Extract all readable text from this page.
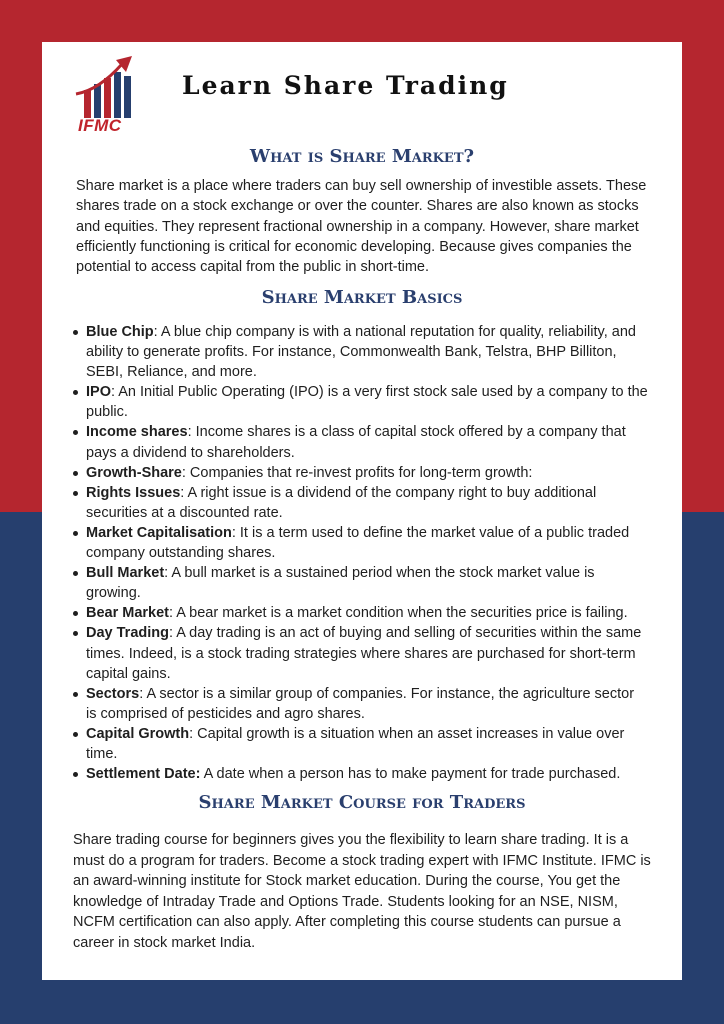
IFMC
Learn Share Trading
What is Share Market?
Share market is a place where traders can buy sell ownership of investible assets. These shares trade on a stock exchange or over the counter. Shares are also known as stocks and equities. They represent fractional ownership in a company. However, share market efficiently functioning is critical for economic developing. Because gives companies the potential to access capital from the public in short-time.
Share Market Basics
Blue Chip: A blue chip company is with a national reputation for quality, reliability, and ability to generate profits. For instance, Commonwealth Bank, Telstra, BHP Billiton, SEBI, Reliance, and more.
IPO: An Initial Public Operating (IPO) is a very first stock sale used by a company to the public.
Income shares: Income shares is a class of capital stock offered by a company that pays a dividend to shareholders.
Growth-Share: Companies that re-invest profits for long-term growth:
Rights Issues: A right issue is a dividend of the company right to buy additional securities at a discounted rate.
Market Capitalisation: It is a term used to define the market value of a public traded company outstanding shares.
Bull Market: A bull market is a sustained period when the stock market value is growing.
Bear Market: A bear market is a market condition when the securities price is failing.
Day Trading: A day trading is an act of buying and selling of securities within the same times. Indeed, is a stock trading strategies where shares are purchased for short-term capital gains.
Sectors: A sector is a similar group of companies. For instance, the agriculture sector is comprised of pesticides and agro shares.
Capital Growth: Capital growth is a situation when an asset increases in value over time.
Settlement Date: A date when a person has to make payment for trade purchased.
Share Market Course for Traders
Share trading course for beginners gives you the flexibility to learn share trading. It is a must do a program for traders. Become a stock trading expert with IFMC Institute. IFMC is an award-winning institute for Stock market education. During the course, You get the knowledge of Intraday Trade and Options Trade. Students looking for an NSE, NISM, NCFM certification can also apply. After completing this course students can pursue a career in stock market India.
